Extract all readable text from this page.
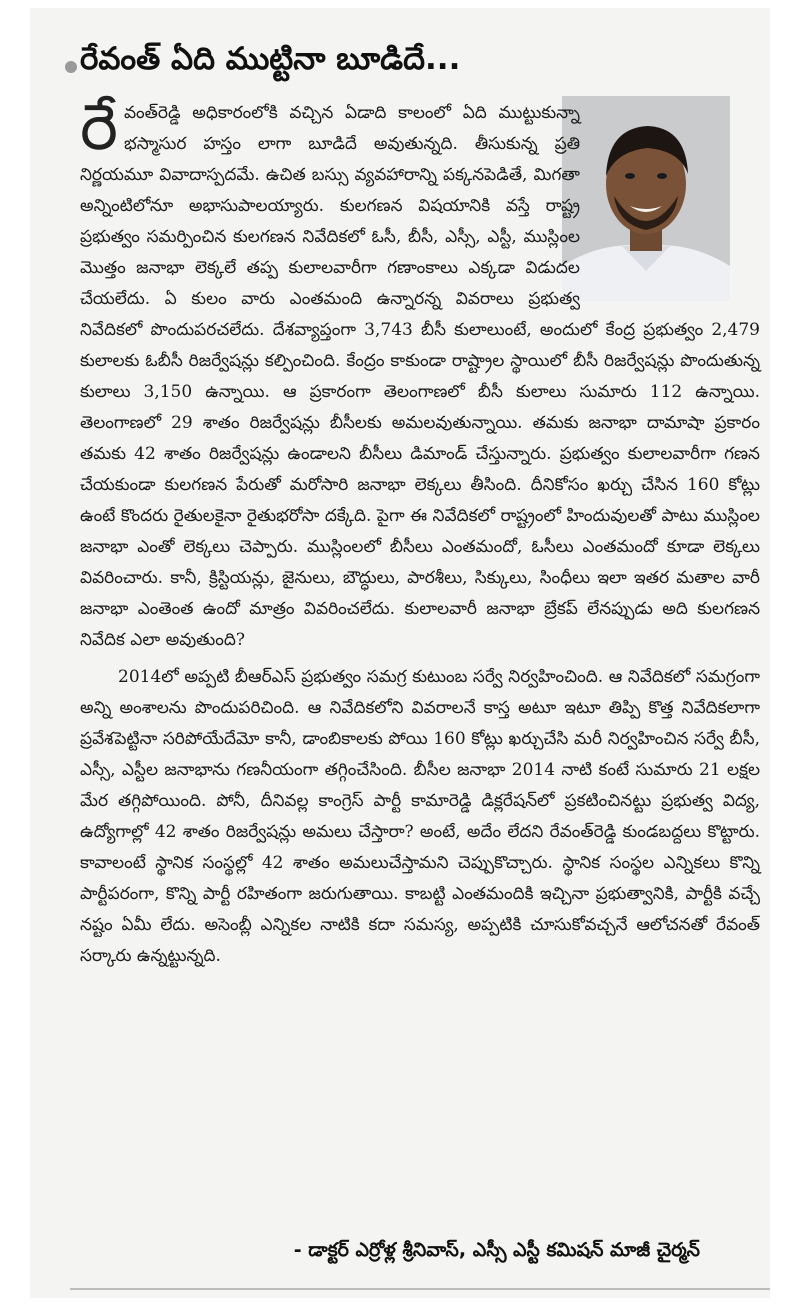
రేవంత్ ఏది ముట్టినా బూడిదే...

రేవంత్‌రెడ్డి అధికారంలోకి వచ్చిన ఏడాది కాలంలో ఏది ముట్టుకున్నా భస్మాసుర హస్తం లాగా బూడిదే అవుతున్నది. తీసుకున్న ప్రతి నిర్ణయమూ వివాదాస్పదమే. ఉచిత బస్సు వ్యవహారాన్ని పక్కనపెడితే, మిగతా అన్నింటిలోనూ అభాసుపాలయ్యారు. కులగణన విషయానికి వస్తే రాష్ట్ర ప్రభుత్వం సమర్పించిన కులగణన నివేదికలో ఓసీ, బీసీ, ఎస్సీ, ఎస్టీ, ముస్లింల మొత్తం జనాభా లెక్కలే తప్ప కులాలవారీగా గణాంకాలు ఎక్కడా విడుదల చేయలేదు. ఏ కులం వారు ఎంతమంది ఉన్నారన్న వివరాలు ప్రభుత్వ నివేదికలో పొందుపరచలేదు. దేశవ్యాప్తంగా 3,743 బీసీ కులాలుంటే, అందులో కేంద్ర ప్రభుత్వం 2,479 కులాలకు ఓబీసీ రిజర్వేషన్లు కల్పించింది. కేంద్రం కాకుండా రాష్ట్రాల స్థాయిలో బీసీ రిజర్వేషన్లు పొందుతున్న కులాలు 3,150 ఉన్నాయి. ఆ ప్రకారంగా తెలంగాణలో బీసీ కులాలు సుమారు 112 ఉన్నాయి. తెలంగాణలో 29 శాతం రిజర్వేషన్లు బీసీలకు అమలవుతున్నాయి. తమకు జనాభా దామాషా ప్రకారం తమకు 42 శాతం రిజర్వేషన్లు ఉండాలని బీసీలు డిమాండ్ చేస్తున్నారు. ప్రభుత్వం కులాలవారీగా గణన చేయకుండా కులగణన పేరుతో మరోసారి జనాభా లెక్కలు తీసింది. దీనికోసం ఖర్చు చేసిన 160 కోట్లు ఉంటే కొందరు రైతులకైనా రైతుభరోసా దక్కేది. పైగా ఈ నివేదికలో రాష్ట్రంలో హిందువులతో పాటు ముస్లింల జనాభా ఎంతో లెక్కలు చెప్పారు. ముస్లింలలో బీసీలు ఎంతమందో, ఓసీలు ఎంతమందో కూడా లెక్కలు వివరించారు. కానీ, క్రిస్టియన్లు, జైనులు, బౌద్ధులు, పారశీలు, సిక్కులు, సింధీలు ఇలా ఇతర మతాల వారీ జనాభా ఎంతెంత ఉందో మాత్రం వివరించలేదు. కులాలవారీ జనాభా బ్రేకప్ లేనప్పుడు అది కులగణన నివేదిక ఎలా అవుతుంది?

2014లో అప్పటి బీఆర్ఎస్ ప్రభుత్వం సమగ్ర కుటుంబ సర్వే నిర్వహించింది. ఆ నివేదికలో సమగ్రంగా అన్ని అంశాలను పొందుపరిచింది. ఆ నివేదికలోని వివరాలనే కాస్త అటూ ఇటూ తిప్పి కొత్త నివేదికలాగా ప్రవేశపెట్టినా సరిపోయేదేమో కానీ, డాంబికాలకు పోయి 160 కోట్లు ఖర్చుచేసి మరీ నిర్వహించిన సర్వే బీసీ, ఎస్సీ, ఎస్టీల జనాభాను గణనీయంగా తగ్గించేసింది. బీసీల జనాభా 2014 నాటి కంటే సుమారు 21 లక్షల మేర తగ్గిపోయింది. పోనీ, దీనివల్ల కాంగ్రెస్ పార్టీ కామారెడ్డి డిక్లరేషన్‌లో ప్రకటించినట్టు ప్రభుత్వ విద్య, ఉద్యోగాల్లో 42 శాతం రిజర్వేషన్లు అమలు చేస్తారా? అంటే, అదేం లేదని రేవంత్‌రెడ్డి కుండబద్దలు కొట్టారు. కావాలంటే స్థానిక సంస్థల్లో 42 శాతం అమలుచేస్తామని చెప్పుకొచ్చారు. స్థానిక సంస్థల ఎన్నికలు కొన్ని పార్టీపరంగా, కొన్ని పార్టీ రహితంగా జరుగుతాయి. కాబట్టి ఎంతమందికి ఇచ్చినా ప్రభుత్వానికి, పార్టీకి వచ్చే నష్టం ఏమీ లేదు. అసెంబ్లీ ఎన్నికల నాటికి కదా సమస్య, అప్పటికి చూసుకోవచ్చనే ఆలోచనతో రేవంత్ సర్కారు ఉన్నట్టున్నది.

- డాక్టర్ ఎర్రోళ్ల శ్రీనివాస్, ఎస్సీ ఎస్టీ కమిషన్ మాజీ చైర్మన్
